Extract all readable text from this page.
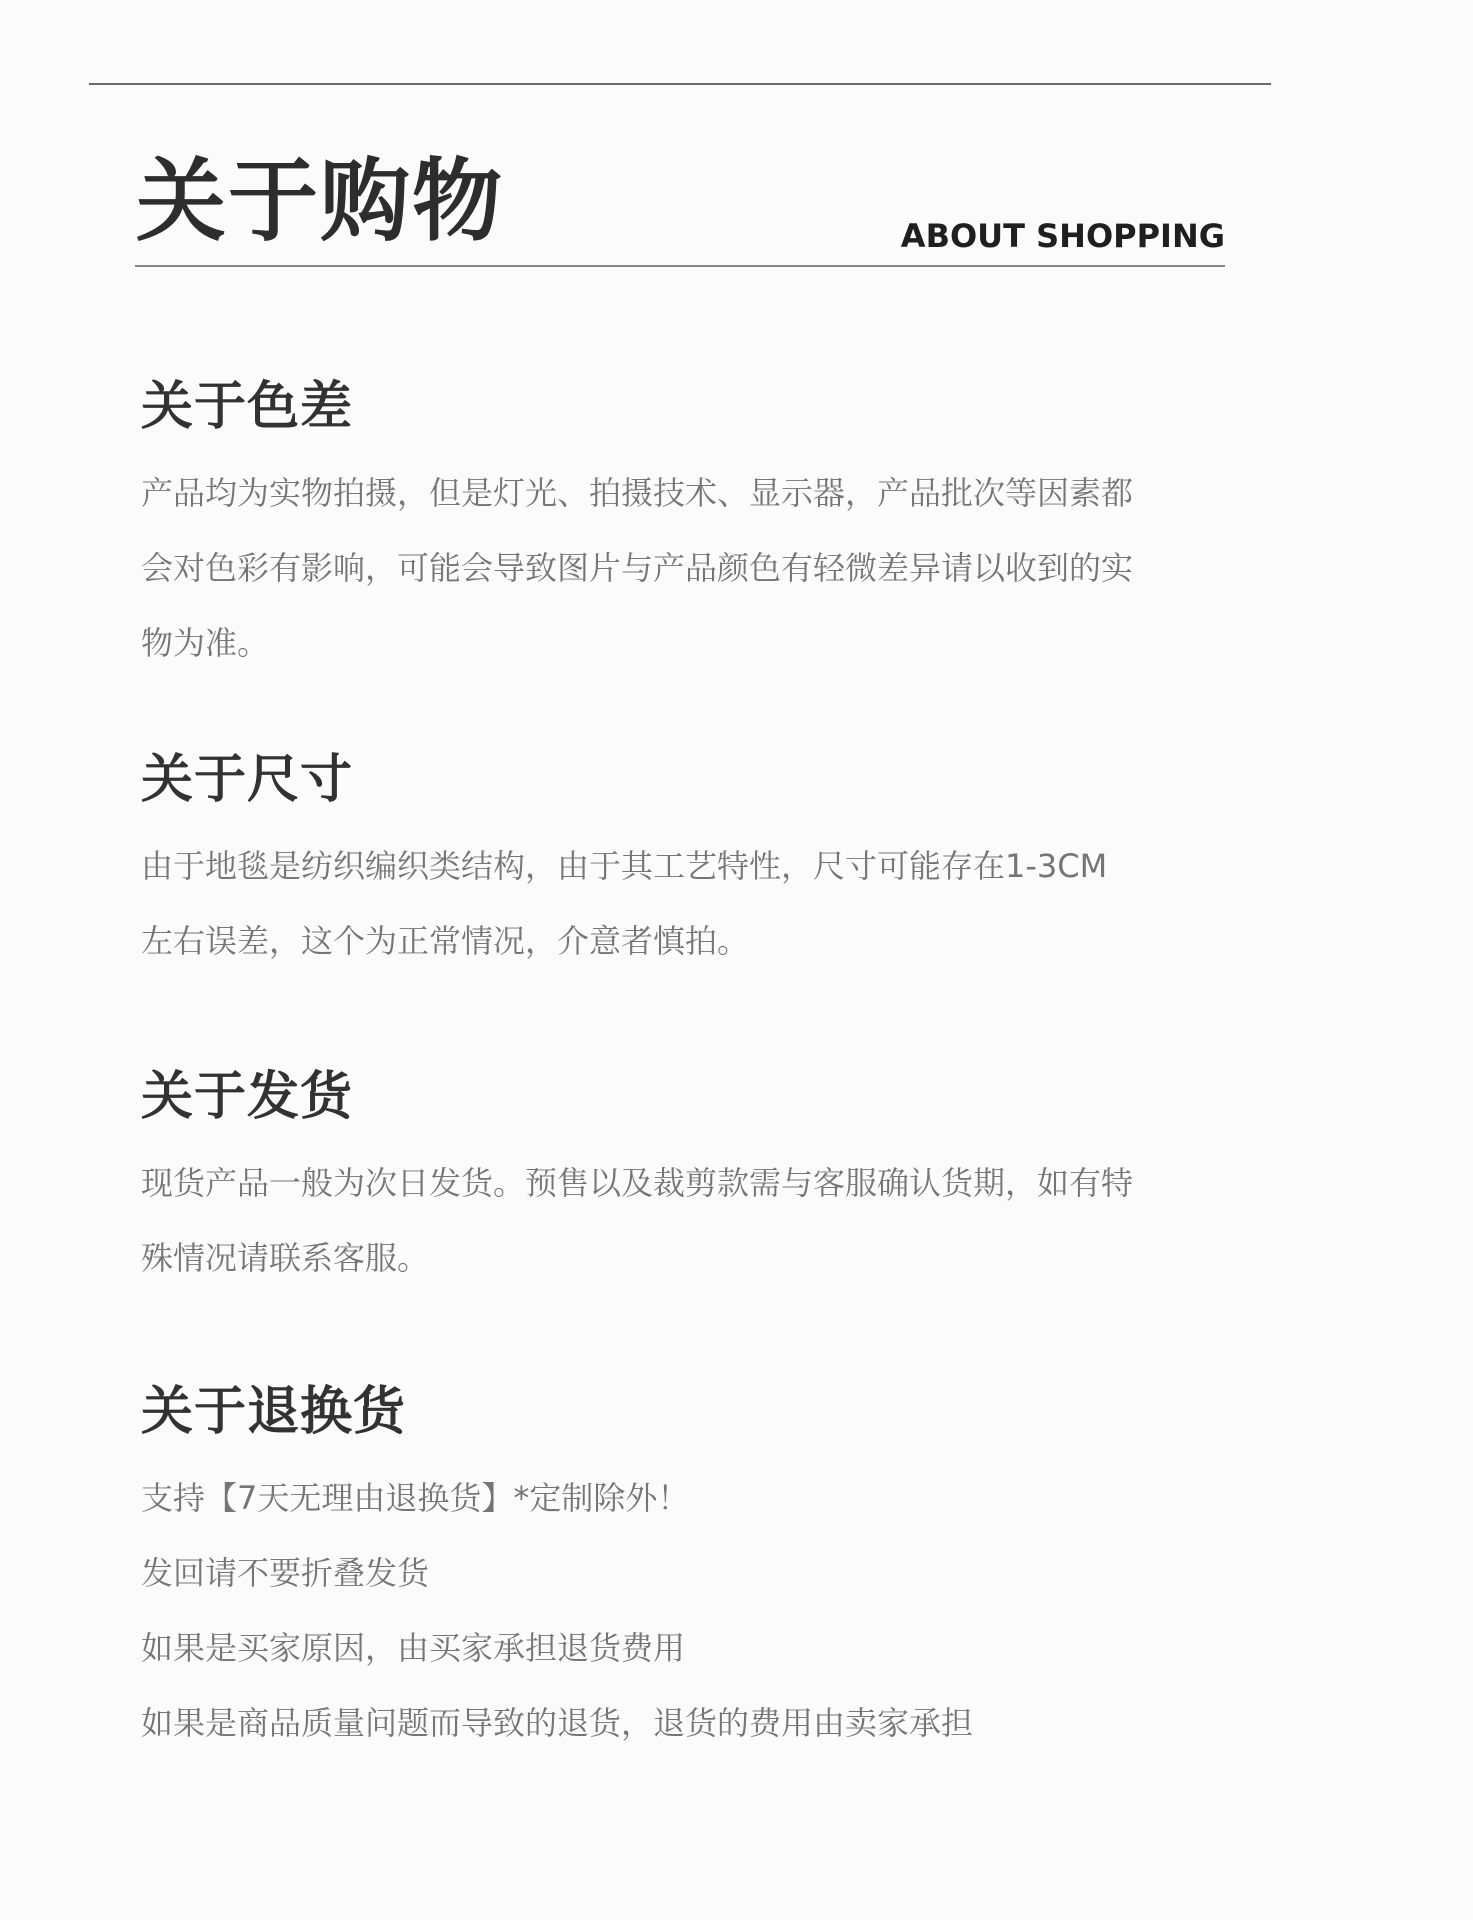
关于购物	ABOUT SHOPPING
关于色差

产品均为实物拍摄，但是灯光、拍摄技术、显示器，产品批次等因素都

会对色彩有影响，可能会导致图片与产品颜色有轻微差异请以收到的实

物为准。

关于尺寸

由于地毯是纺织编织类结构，由于其工艺特性，尺寸可能存在1-3CM

左右误差，这个为正常情况，介意者慎拍。

关于发货

现货产品一般为次日发货。预售以及裁剪款需与客服确认货期，如有特

殊情况请联系客服。

关于退换货

支持【7天无理由退换货】*定制除外！

发回请不要折叠发货

如果是买家原因，由买家承担退货费用

如果是商品质量问题而导致的退货，退货的费用由卖家承担
